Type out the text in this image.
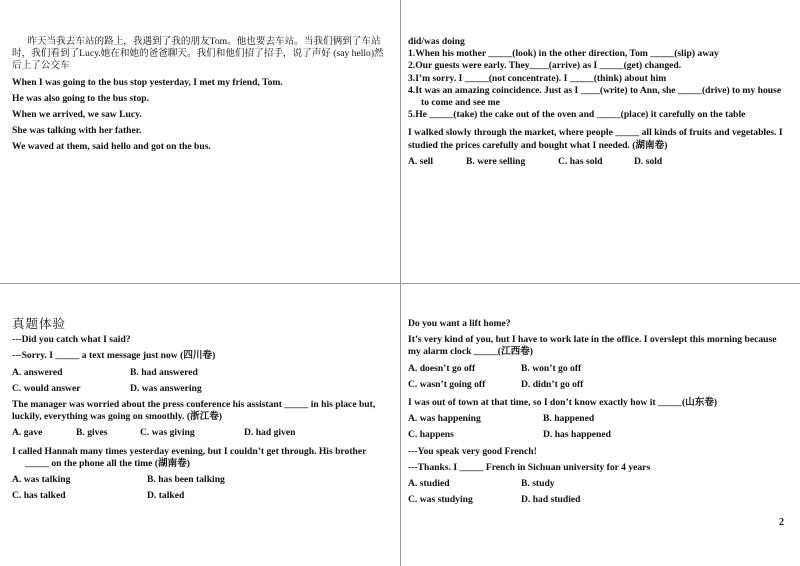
昨天当我去车站的路上，我遇到了我的朋友Tom。他也要去车站。当我们俩到了车站时，我们看到了Lucy.她在和她的爸爸聊天。我们和他们招了招手，说了声好 (say hello)然后上了公交车

When I was going to the bus stop yesterday, I met my friend, Tom.

He was also going to the bus stop.

When we arrived, we saw Lucy.

She was talking with her father.

We waved at them, said hello and got on the bus.

did/was doing

1.When his mother _____(look) in the other direction, Tom _____(slip) away

2.Our guests were early. They____(arrive) as I _____(get) changed.

3.I’m sorry. I _____(not concentrate). I _____(think) about him

4.It was an amazing coincidence. Just as I ____(write) to Ann, she _____(drive) to my house to come and see me

5.He _____(take) the cake out of the oven and _____(place) it carefully on the table

I walked slowly through the market, where people _____ all kinds of fruits and vegetables. I studied the prices carefully and bought what I needed. (湖南卷)

A. sell	B. were selling	C. has sold	D. sold

真题体验

---Did you catch what I said?

---Sorry. I _____ a text message just now (四川卷)

A. answered	B. had answered
C. would answer	D. was answering

The manager was worried about the press conference his assistant _____ in his place but, luckily, everything was going on smoothly. (浙江卷)

A. gave	B. gives	C. was giving	D. had given

I called Hannah many times yesterday evening, but I couldn’t get through. His brother _____ on the phone all the time (湖南卷)

A. was talking	B. has been talking
C. has talked	D. talked

Do you want a lift home?

It’s very kind of you, but I have to work late in the office. I overslept this morning because my alarm clock _____(江西卷)

A. doesn’t go off	B. won’t go off
C. wasn’t going off	D. didn’t go off

I was out of town at that time, so I don’t know exactly how it _____(山东卷)

A. was happening	B. happened
C. happens	D. has happened

---You speak very good French!

---Thanks. I _____ French in Sichuan university for 4 years

A. studied	B. study
C. was studying	D. had studied
2
